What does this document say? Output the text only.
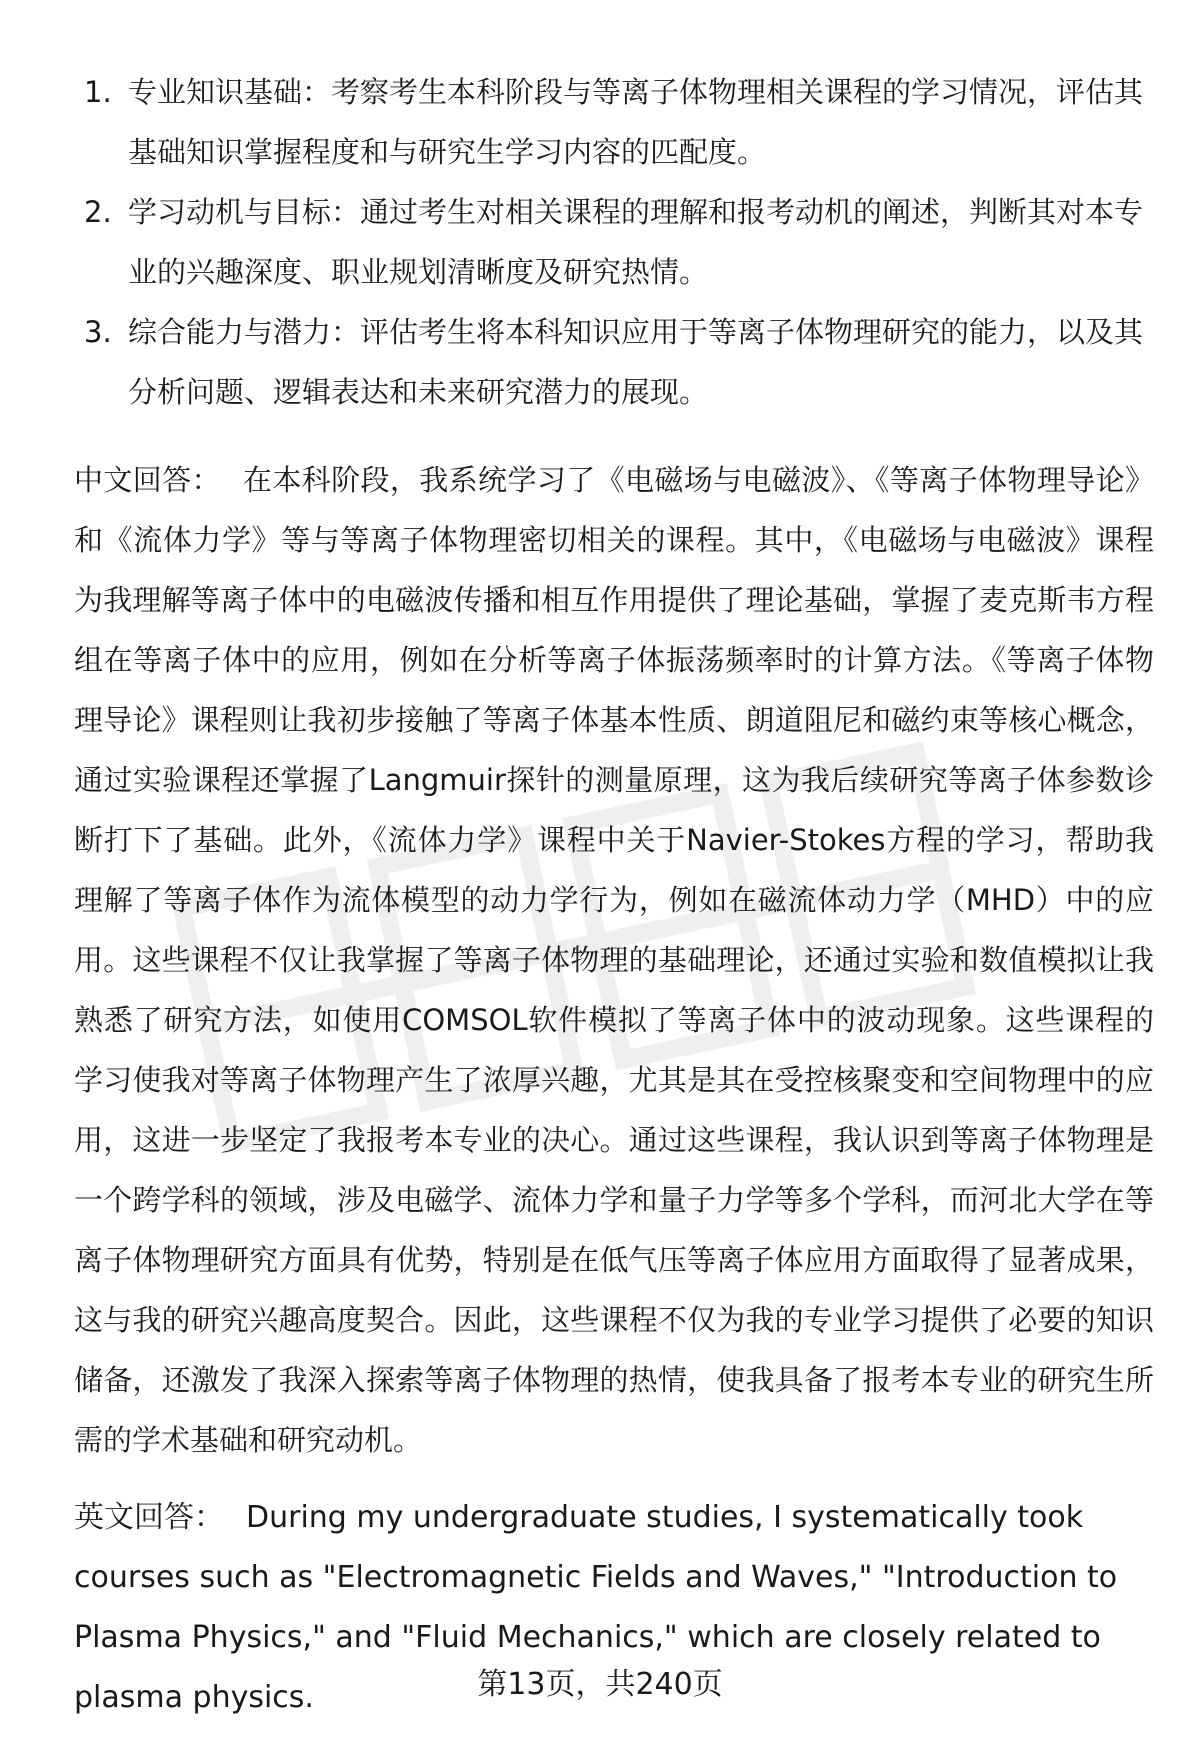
1. 专业知识基础：考察考生本科阶段与等离子体物理相关课程的学习情况，评估其基础知识掌握程度和与研究生学习内容的匹配度。
2. 学习动机与目标：通过考生对相关课程的理解和报考动机的阐述，判断其对本专业的兴趣深度、职业规划清晰度及研究热情。
3. 综合能力与潜力：评估考生将本科知识应用于等离子体物理研究的能力，以及其分析问题、逻辑表达和未来研究潜力的展现。

中文回答： 在本科阶段，我系统学习了《电磁场与电磁波》、《等离子体物理导论》和《流体力学》等与等离子体物理密切相关的课程。其中，《电磁场与电磁波》课程为我理解等离子体中的电磁波传播和相互作用提供了理论基础，掌握了麦克斯韦方程组在等离子体中的应用，例如在分析等离子体振荡频率时的计算方法。《等离子体物理导论》课程则让我初步接触了等离子体基本性质、朗道阻尼和磁约束等核心概念，通过实验课程还掌握了Langmuir探针的测量原理，这为我后续研究等离子体参数诊断打下了基础。此外，《流体力学》课程中关于Navier-Stokes方程的学习，帮助我理解了等离子体作为流体模型的动力学行为，例如在磁流体动力学（MHD）中的应用。这些课程不仅让我掌握了等离子体物理的基础理论，还通过实验和数值模拟让我熟悉了研究方法，如使用COMSOL软件模拟了等离子体中的波动现象。这些课程的学习使我对等离子体物理产生了浓厚兴趣，尤其是其在受控核聚变和空间物理中的应用，这进一步坚定了我报考本专业的决心。通过这些课程，我认识到等离子体物理是一个跨学科的领域，涉及电磁学、流体力学和量子力学等多个学科，而河北大学在等离子体物理研究方面具有优势，特别是在低气压等离子体应用方面取得了显著成果，这与我的研究兴趣高度契合。因此，这些课程不仅为我的专业学习提供了必要的知识储备，还激发了我深入探索等离子体物理的热情，使我具备了报考本专业的研究生所需的学术基础和研究动机。

英文回答： During my undergraduate studies, I systematically took courses such as "Electromagnetic Fields and Waves," "Introduction to Plasma Physics," and "Fluid Mechanics," which are closely related to plasma physics.	第13页，共240页
